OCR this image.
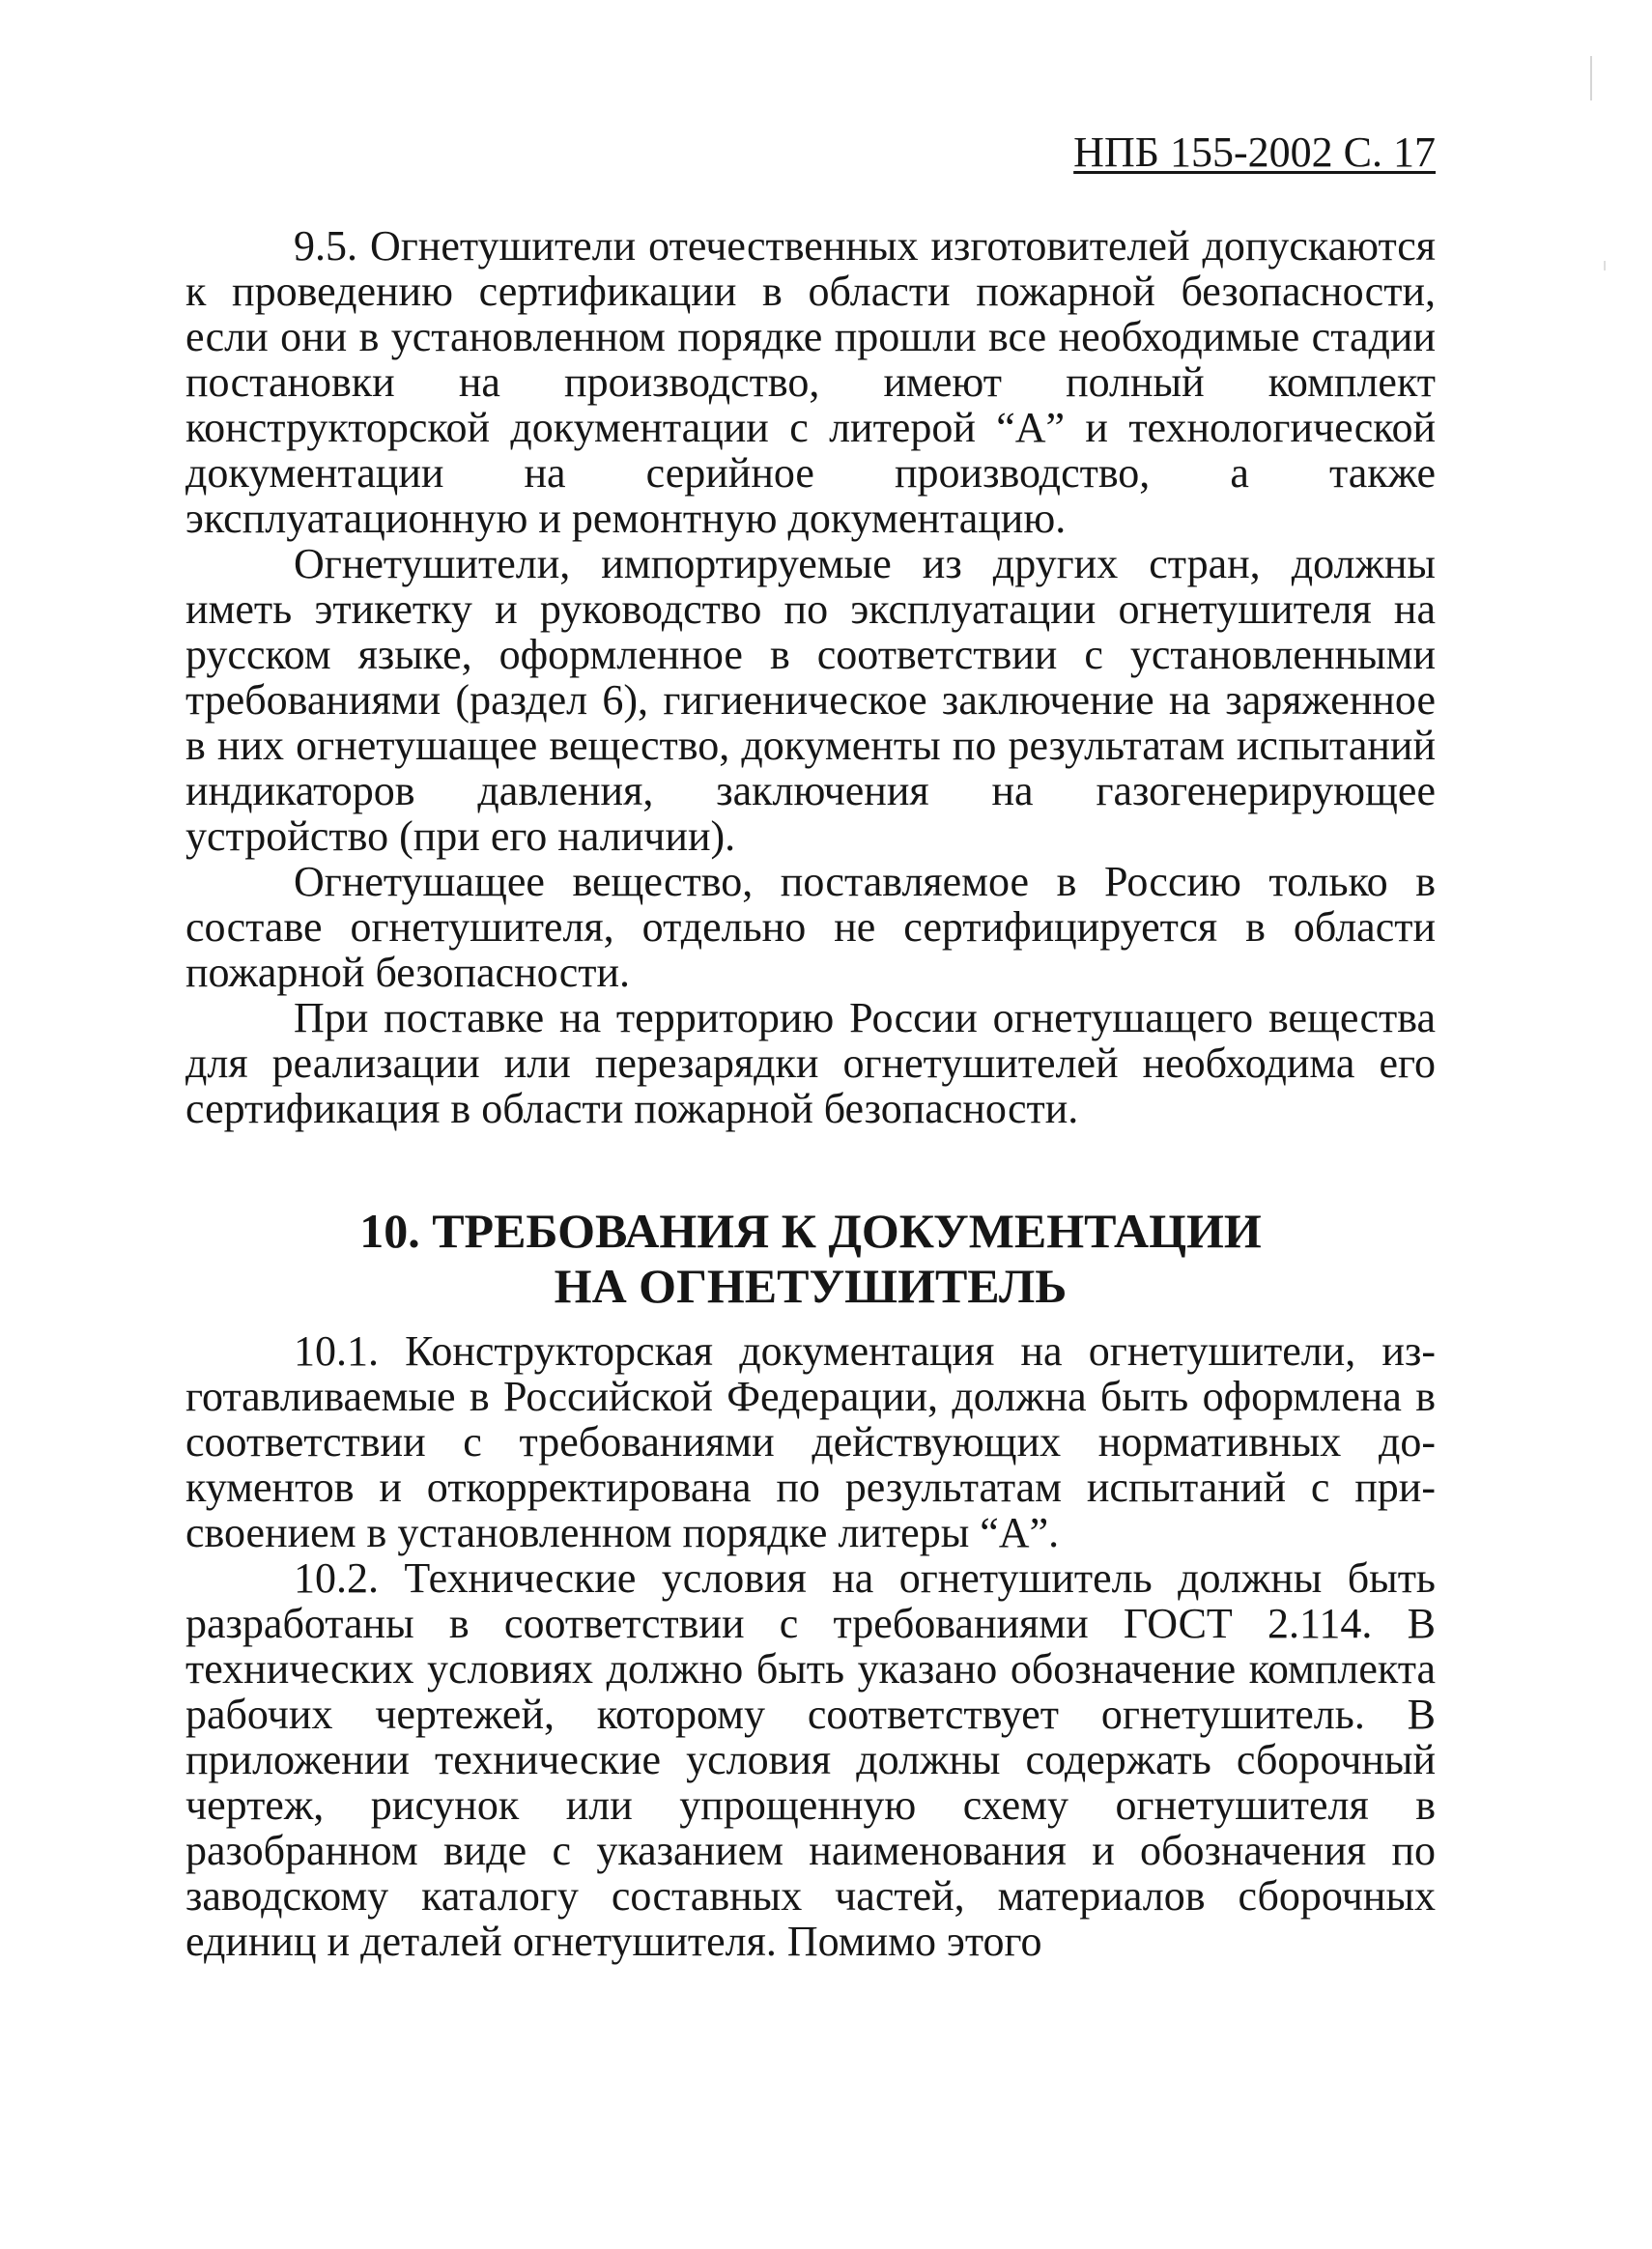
НПБ 155-2002 С. 17

9.5. Огнетушители отечественных изготовителей допускаются к проведению сертификации в области пожарной безопасности, если они в установленном порядке прошли все необходимые стадии постановки на производство, имеют полный комплект конструкторской документации с литерой “А” и технологической документации на серийное производство, а также эксплуатационную и ремонтную документацию.

Огнетушители, импортируемые из других стран, должны иметь этикетку и руководство по эксплуатации огнетушителя на русском языке, оформленное в соответствии с установленными требованиями (раздел 6), гигиеническое заключение на заряженное в них огнетушащее вещество, документы по результатам испытаний индикаторов давления, заключения на газогенерирующее устройство (при его наличии).

Огнетушащее вещество, поставляемое в Россию только в составе огнетушителя, отдельно не сертифицируется в области пожарной безопасности.

При поставке на территорию России огнетушащего вещества для реализации или перезарядки огнетушителей необходима его сертификация в области пожарной безопасности.

10. ТРЕБОВАНИЯ К ДОКУМЕНТАЦИИ
НА ОГНЕТУШИТЕЛЬ

10.1. Конструкторская документация на огнетушители, изготавливаемые в Российской Федерации, должна быть оформлена в соответствии с требованиями действующих нормативных документов и откорректирована по результатам испытаний с присвоением в установленном порядке литеры “А”.

10.2. Технические условия на огнетушитель должны быть разработаны в соответствии с требованиями ГОСТ 2.114. В технических условиях должно быть указано обозначение комплекта рабочих чертежей, которому соответствует огнетушитель. В приложении технические условия должны содержать сборочный чертеж, рисунок или упрощенную схему огнетушителя в разобранном виде с указанием наименования и обозначения по заводскому каталогу составных частей, материалов сборочных единиц и деталей огнетушителя. Помимо этого
